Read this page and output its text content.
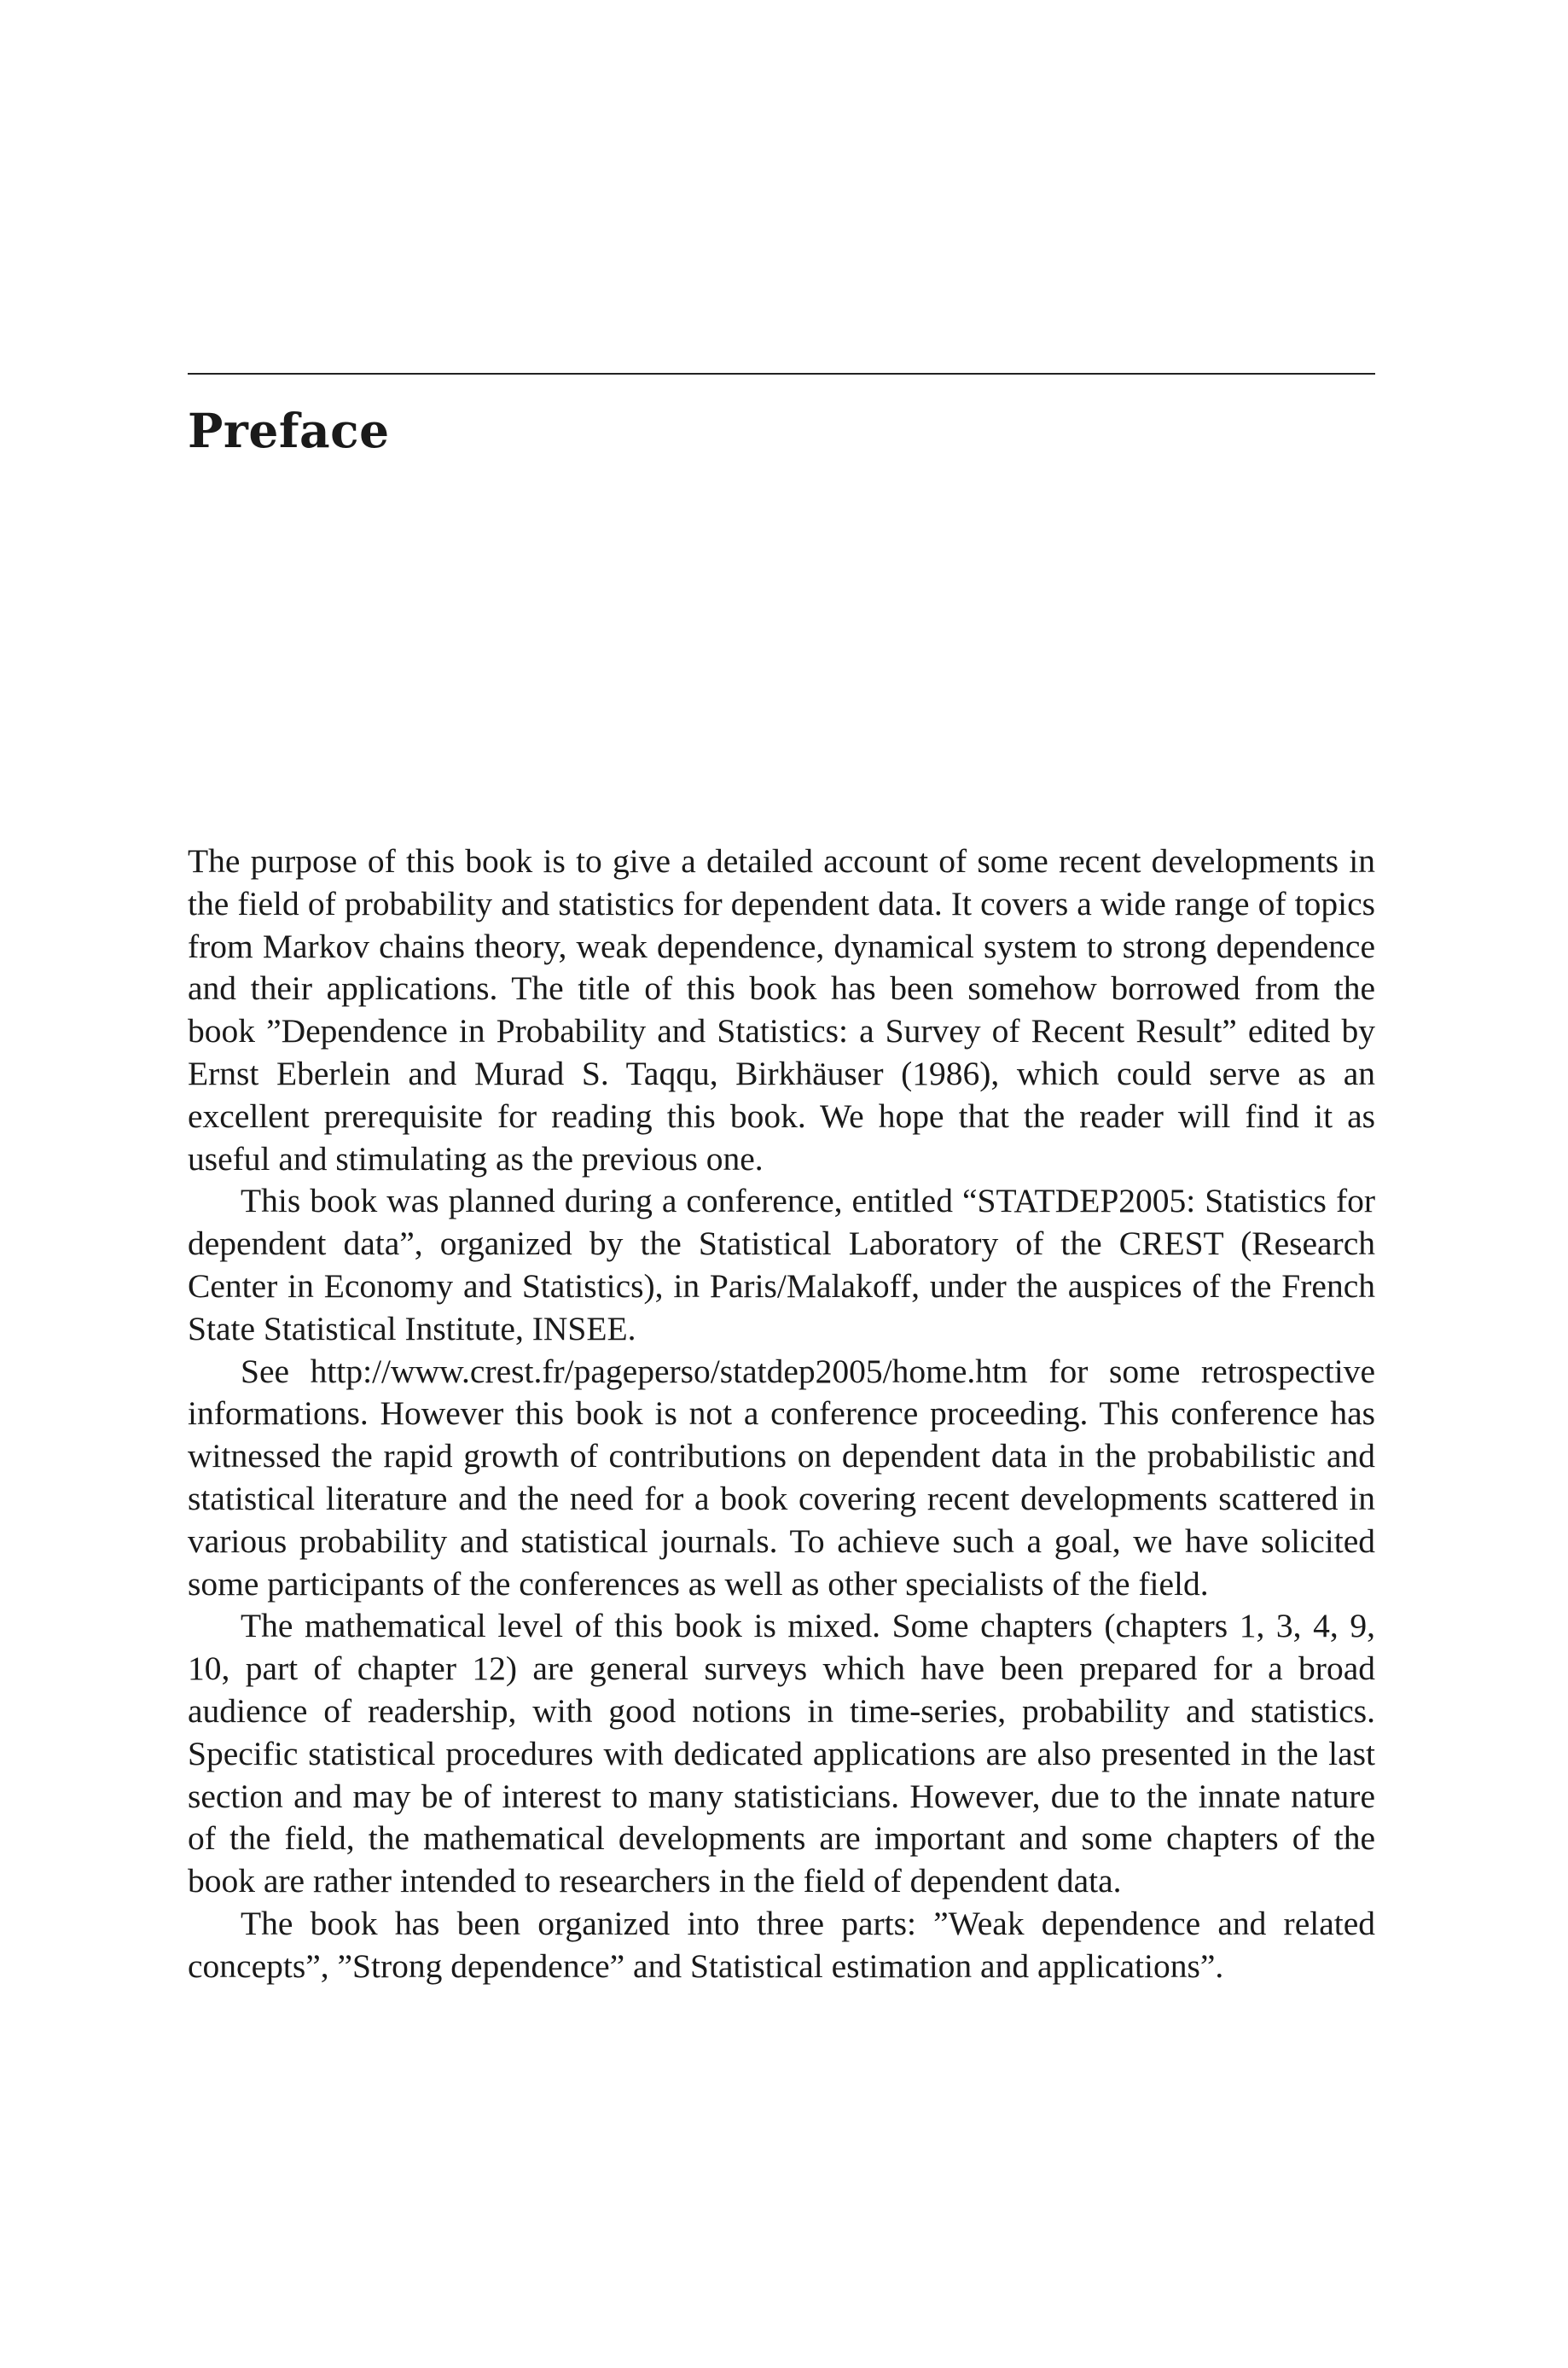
Preface

The purpose of this book is to give a detailed account of some recent developments in the field of probability and statistics for dependent data. It covers a wide range of topics from Markov chains theory, weak dependence, dynamical system to strong dependence and their applications. The title of this book has been somehow borrowed from the book ”Dependence in Probability and Statistics: a Survey of Recent Result” edited by Ernst Eberlein and Murad S. Taqqu, Birkhäuser (1986), which could serve as an excellent prerequisite for reading this book. We hope that the reader will find it as useful and stimulating as the previous one.

This book was planned during a conference, entitled “STATDEP2005: Statistics for dependent data”, organized by the Statistical Laboratory of the CREST (Research Center in Economy and Statistics), in Paris/Malakoff, under the auspices of the French State Statistical Institute, INSEE.

See http://www.crest.fr/pageperso/statdep2005/home.htm for some retrospective informations. However this book is not a conference proceeding. This conference has witnessed the rapid growth of contributions on dependent data in the probabilistic and statistical literature and the need for a book covering recent developments scattered in various probability and statistical journals. To achieve such a goal, we have solicited some participants of the conferences as well as other specialists of the field.

The mathematical level of this book is mixed. Some chapters (chapters 1, 3, 4, 9, 10, part of chapter 12) are general surveys which have been prepared for a broad audience of readership, with good notions in time-series, probability and statistics. Specific statistical procedures with dedicated applications are also presented in the last section and may be of interest to many statisticians. However, due to the innate nature of the field, the mathematical developments are important and some chapters of the book are rather intended to researchers in the field of dependent data.

The book has been organized into three parts: ”Weak dependence and related concepts”, ”Strong dependence” and Statistical estimation and applications”.
